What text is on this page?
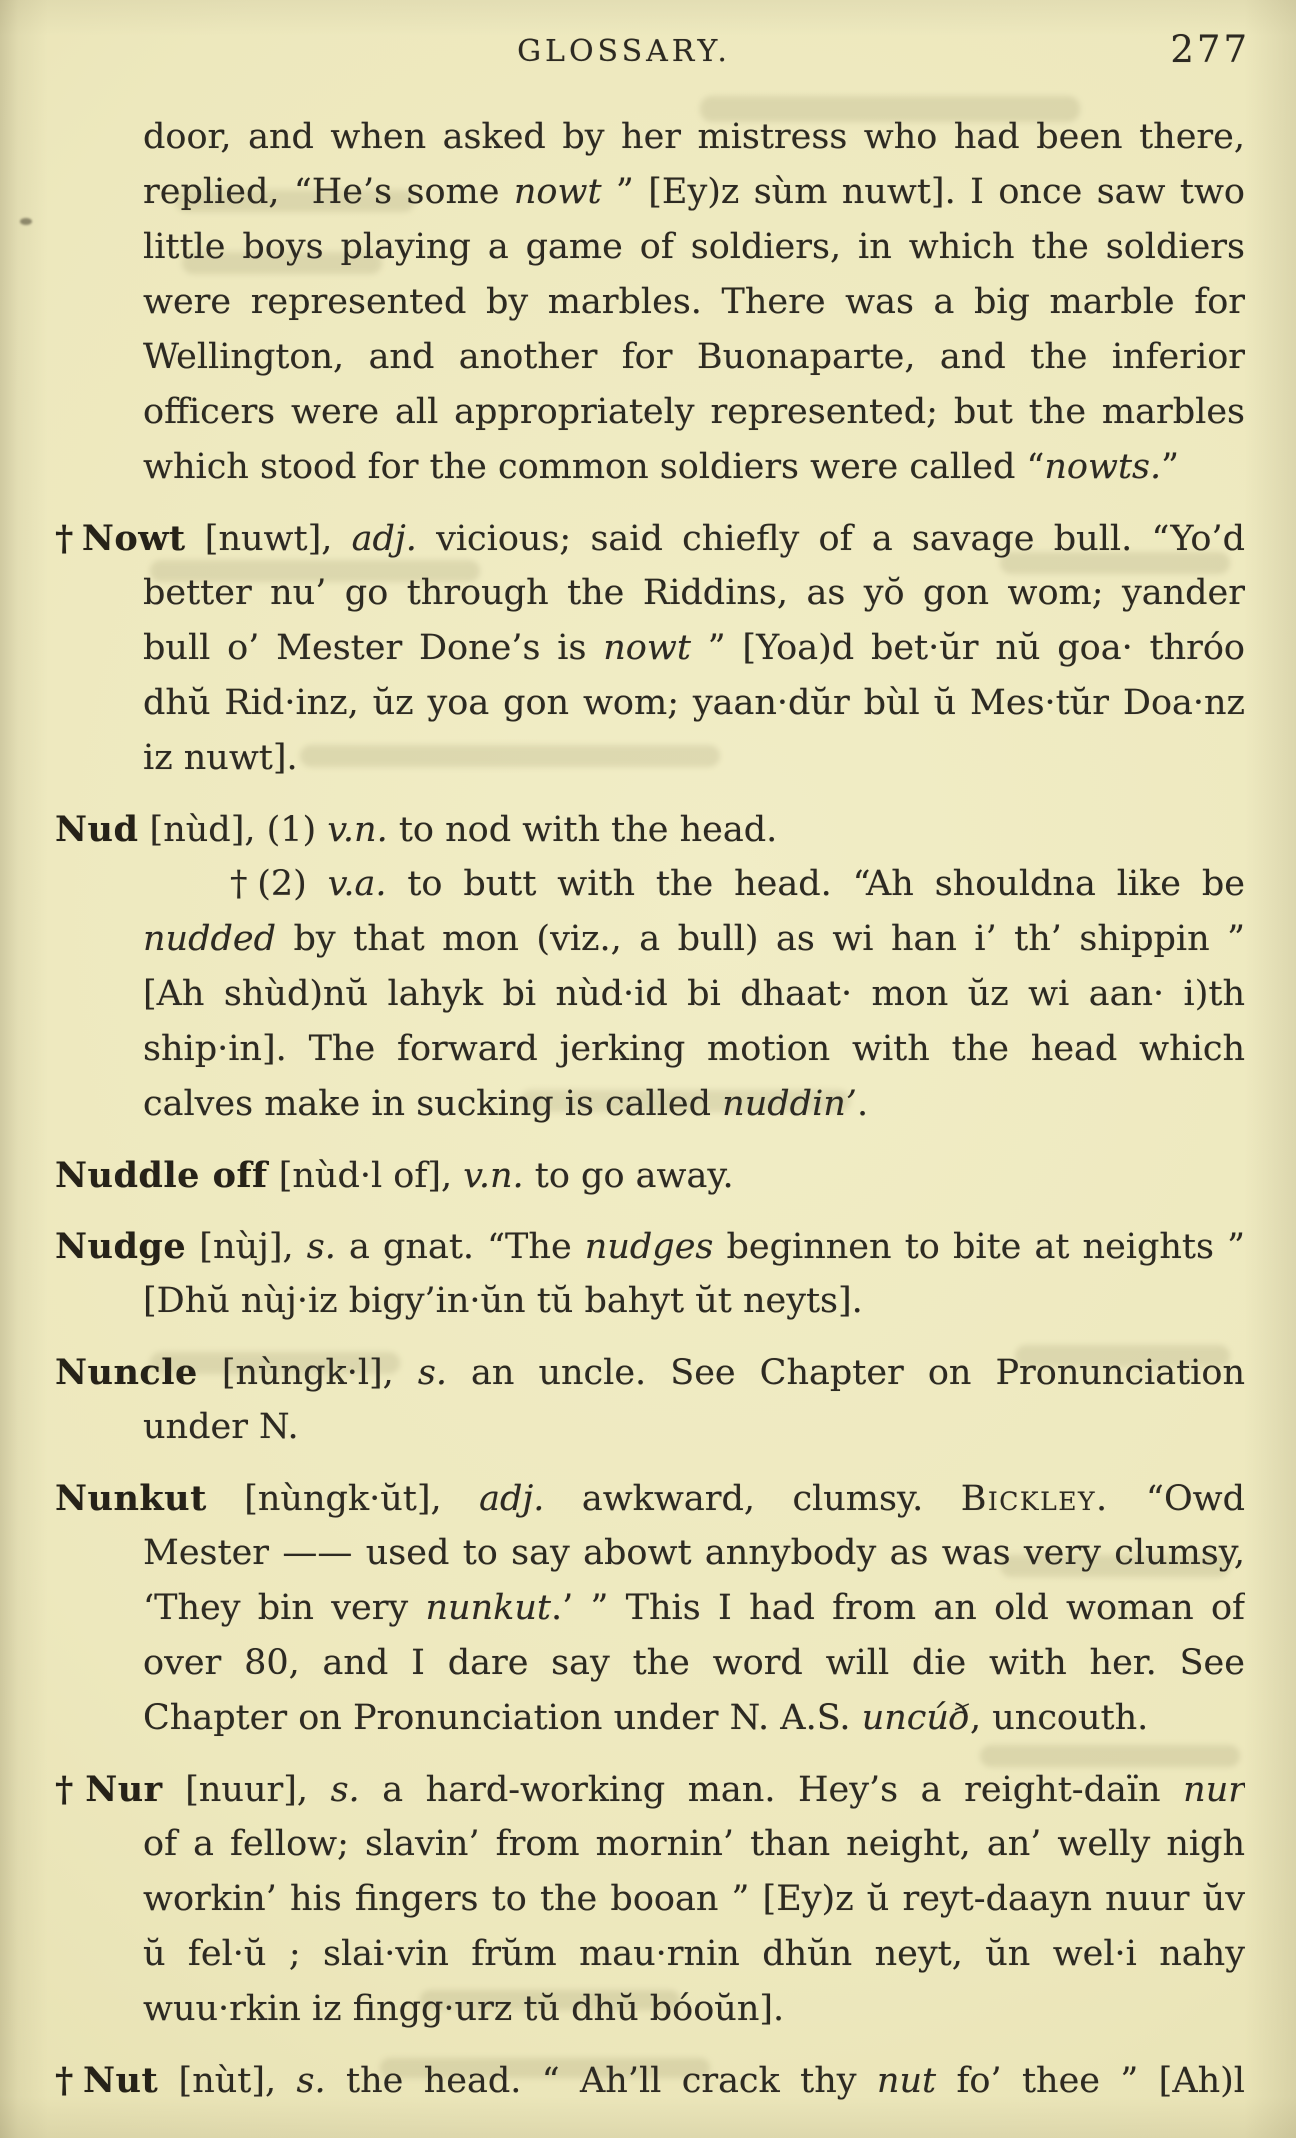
GLOSSARY.	277
door, and when asked by her mistress who had been there,
replied, “He’s some nowt ” [Ey)z sùm nuwt]. I once saw two
little boys playing a game of soldiers, in which the soldiers
were represented by marbles. There was a big marble for
Wellington, and another for Buonaparte, and the inferior
officers were all appropriately represented; but the marbles
which stood for the common soldiers were called “nowts.”
†Nowt [nuwt], adj. vicious; said chiefly of a savage bull. “Yo’d
better nu’ go through the Riddins, as yŏ gon wom; yander
bull o’ Mester Done’s is nowt ” [Yoa)d bet·ŭr nŭ goa· thróo
dhŭ Rid·inz, ŭz yoa gon wom; yaan·dŭr bùl ŭ Mes·tŭr Doa·nz
iz nuwt].
Nud [nùd], (1) v.n. to nod with the head.
†(2) v.a. to butt with the head. “Ah shouldna like be
nudded by that mon (viz., a bull) as wi han i’ th’ shippin ”
[Ah shùd)nŭ lahyk bi nùd·id bi dhaat· mon ŭz wi aan· i)th
ship·in]. The forward jerking motion with the head which
calves make in sucking is called nuddin’.
Nuddle off [nùd·l of], v.n. to go away.
Nudge [nùj], s. a gnat. “The nudges beginnen to bite at neights ”
[Dhŭ nùj·iz bigy’in·ŭn tŭ bahyt ŭt neyts].
Nuncle [nùngk·l], s. an uncle. See Chapter on Pronunciation
under N.
Nunkut [nùngk·ŭt], adj. awkward, clumsy. Bickley. “Owd
Mester —— used to say abowt annybody as was very clumsy,
‘They bin very nunkut.’ ” This I had from an old woman of
over 80, and I dare say the word will die with her. See
Chapter on Pronunciation under N. A.S. uncúð, uncouth.
†Nur [nuur], s. a hard-working man. Hey’s a reight-daïn nur
of a fellow; slavin’ from mornin’ than neight, an’ welly nigh
workin’ his fingers to the booan ” [Ey)z ŭ reyt-daayn nuur ŭv
ŭ fel·ŭ ; slai·vin frŭm mau·rnin dhŭn neyt, ŭn wel·i nahy
wuu·rkin iz fingg·urz tŭ dhŭ bóoŭn].
†Nut [nùt], s. the head. “ Ah’ll crack thy nut fo’ thee ” [Ah)l
